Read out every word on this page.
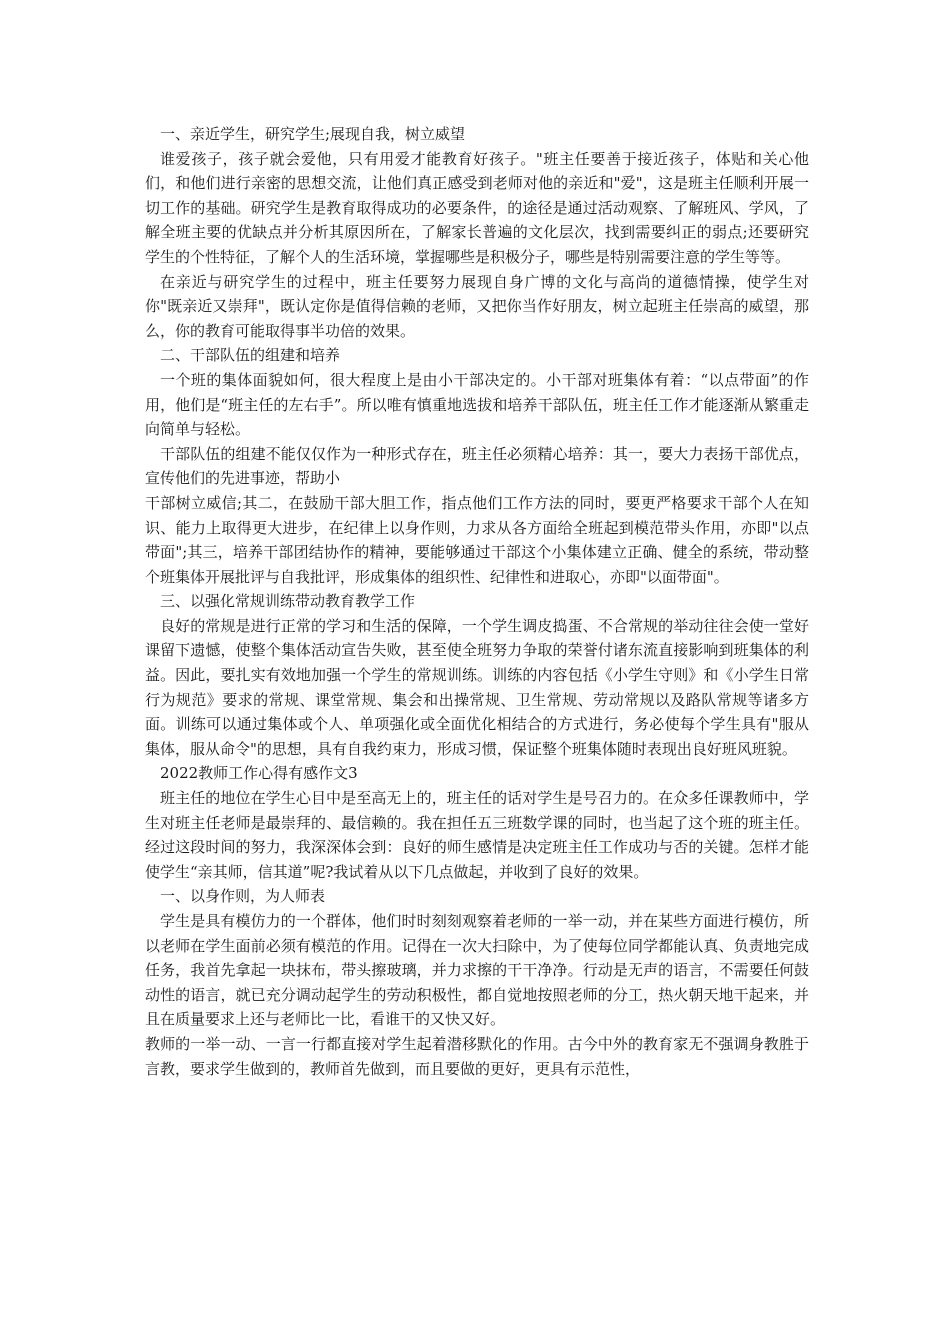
一、亲近学生，研究学生;展现自我，树立威望

谁爱孩子，孩子就会爱他，只有用爱才能教育好孩子。"班主任要善于接近孩子，体贴和关心他们，和他们进行亲密的思想交流，让他们真正感受到老师对他的亲近和"爱"，这是班主任顺利开展一切工作的基础。研究学生是教育取得成功的必要条件，的途径是通过活动观察、了解班风、学风，了解全班主要的优缺点并分析其原因所在，了解家长普遍的文化层次，找到需要纠正的弱点;还要研究学生的个性特征，了解个人的生活环境，掌握哪些是积极分子，哪些是特别需要注意的学生等等。

在亲近与研究学生的过程中，班主任要努力展现自身广博的文化与高尚的道德情操，使学生对你"既亲近又崇拜"，既认定你是值得信赖的老师，又把你当作好朋友，树立起班主任崇高的威望，那么，你的教育可能取得事半功倍的效果。

二、干部队伍的组建和培养

一个班的集体面貌如何，很大程度上是由小干部决定的。小干部对班集体有着：“以点带面”的作用，他们是“班主任的左右手”。所以唯有慎重地选拔和培养干部队伍，班主任工作才能逐渐从繁重走向简单与轻松。

干部队伍的组建不能仅仅作为一种形式存在，班主任必须精心培养：其一，要大力表扬干部优点，宣传他们的先进事迹，帮助小

干部树立威信;其二，在鼓励干部大胆工作，指点他们工作方法的同时，要更严格要求干部个人在知识、能力上取得更大进步，在纪律上以身作则，力求从各方面给全班起到模范带头作用，亦即"以点带面";其三，培养干部团结协作的精神，要能够通过干部这个小集体建立正确、健全的系统，带动整个班集体开展批评与自我批评，形成集体的组织性、纪律性和进取心，亦即"以面带面"。

三、以强化常规训练带动教育教学工作

良好的常规是进行正常的学习和生活的保障，一个学生调皮捣蛋、不合常规的举动往往会使一堂好课留下遗憾，使整个集体活动宣告失败，甚至使全班努力争取的荣誉付诸东流直接影响到班集体的利益。因此，要扎实有效地加强一个学生的常规训练。训练的内容包括《小学生守则》和《小学生日常行为规范》要求的常规、课堂常规、集会和出操常规、卫生常规、劳动常规以及路队常规等诸多方面。训练可以通过集体或个人、单项强化或全面优化相结合的方式进行，务必使每个学生具有"服从集体，服从命令"的思想，具有自我约束力，形成习惯，保证整个班集体随时表现出良好班风班貌。

2022教师工作心得有感作文3

班主任的地位在学生心目中是至高无上的，班主任的话对学生是号召力的。在众多任课教师中，学生对班主任老师是最崇拜的、最信赖的。我在担任五三班数学课的同时，也当起了这个班的班主任。经过这段时间的努力，我深深体会到：良好的师生感情是决定班主任工作成功与否的关键。怎样才能使学生“亲其师，信其道”呢?我试着从以下几点做起，并收到了良好的效果。

一、以身作则，为人师表

学生是具有模仿力的一个群体，他们时时刻刻观察着老师的一举一动，并在某些方面进行模仿，所以老师在学生面前必须有模范的作用。记得在一次大扫除中，为了使每位同学都能认真、负责地完成任务，我首先拿起一块抹布，带头擦玻璃，并力求擦的干干净净。行动是无声的语言，不需要任何鼓动性的语言，就已充分调动起学生的劳动积极性，都自觉地按照老师的分工，热火朝天地干起来，并且在质量要求上还与老师比一比，看谁干的又快又好。

教师的一举一动、一言一行都直接对学生起着潜移默化的作用。古今中外的教育家无不强调身教胜于言教，要求学生做到的，教师首先做到，而且要做的更好，更具有示范性，
